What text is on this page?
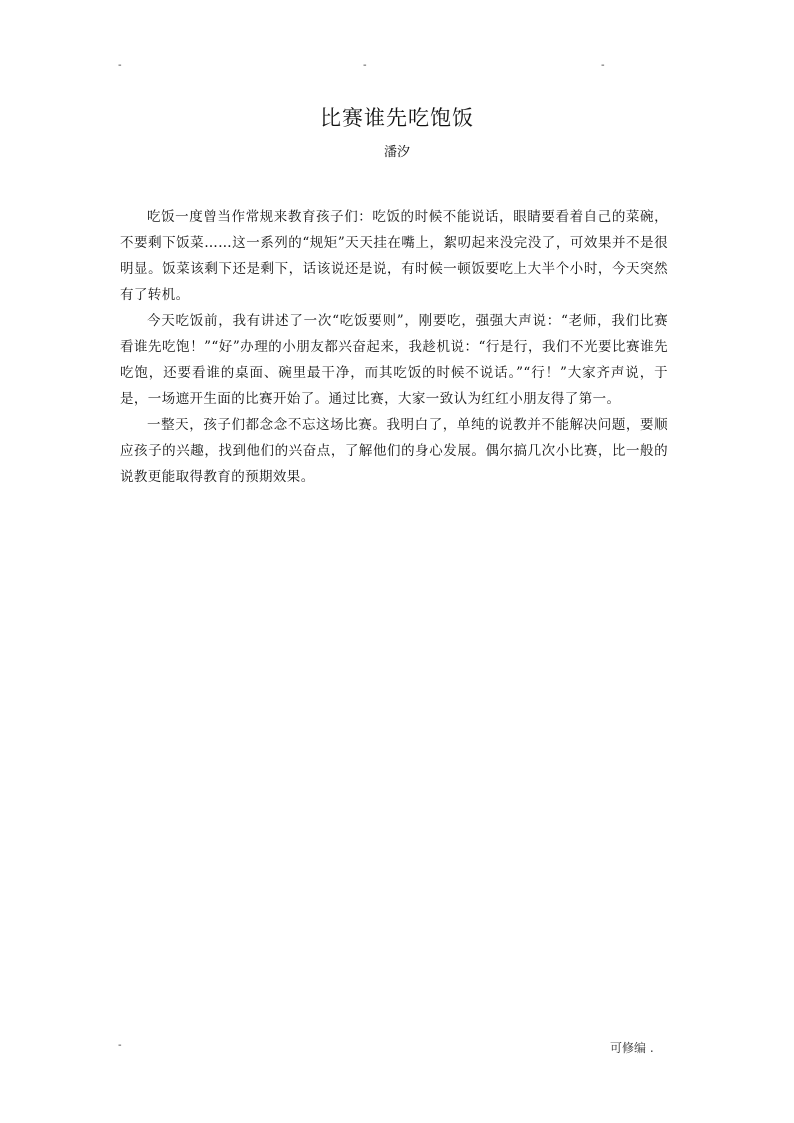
-	-	-
比赛谁先吃饱饭
潘汐

吃饭一度曾当作常规来教育孩子们：吃饭的时候不能说话，眼睛要看着自己的菜碗，不要剩下饭菜……这一系列的“规矩”天天挂在嘴上，絮叨起来没完没了，可效果并不是很明显。饭菜该剩下还是剩下，话该说还是说，有时候一顿饭要吃上大半个小时，今天突然有了转机。

今天吃饭前，我有讲述了一次“吃饭要则”，刚要吃，强强大声说：“老师，我们比赛看谁先吃饱！”“好”办理的小朋友都兴奋起来，我趁机说：“行是行，我们不光要比赛谁先吃饱，还要看谁的桌面、碗里最干净，而其吃饭的时候不说话。”“行！”大家齐声说，于是，一场遮开生面的比赛开始了。通过比赛，大家一致认为红红小朋友得了第一。

一整天，孩子们都念念不忘这场比赛。我明白了，单纯的说教并不能解决问题，要顺应孩子的兴趣，找到他们的兴奋点，了解他们的身心发展。偶尔搞几次小比赛，比一般的说教更能取得教育的预期效果。

-	可修编 .
